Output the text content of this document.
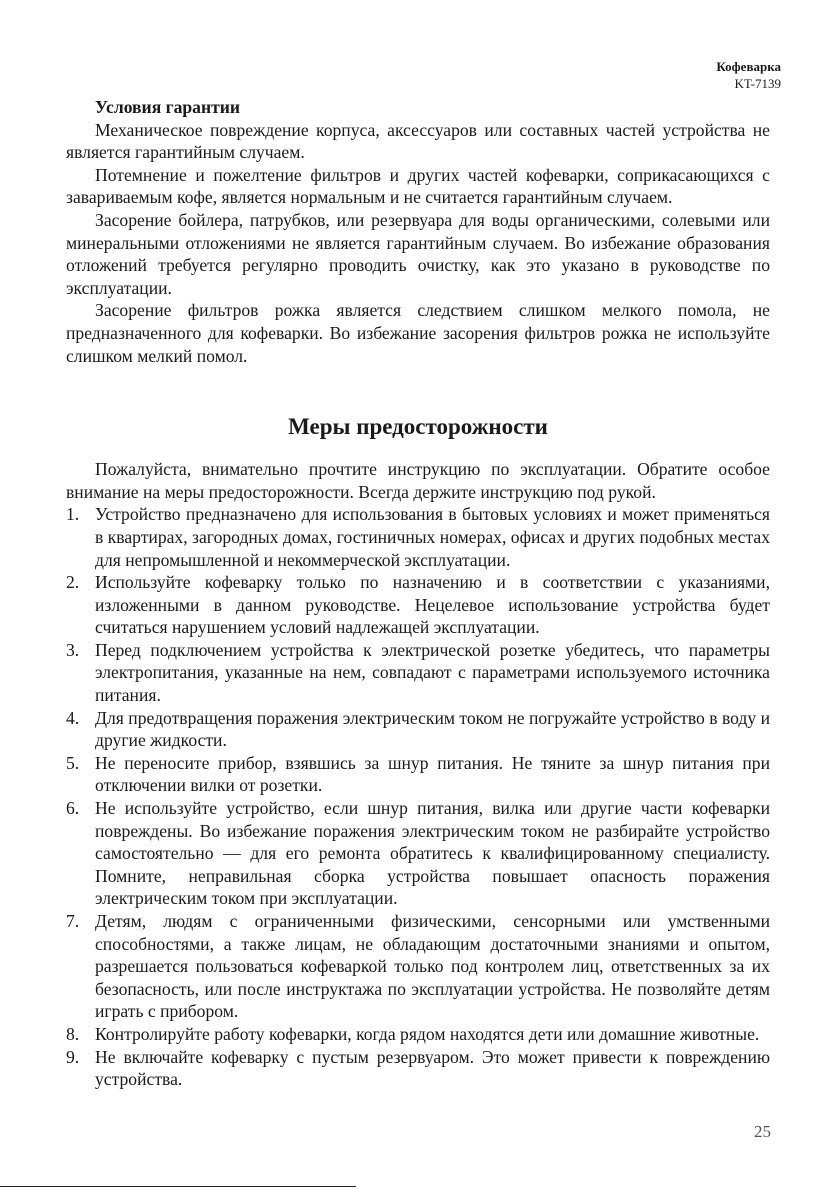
Кофеварка
KT-7139
Условия гарантии

Механическое повреждение корпуса, аксессуаров или составных частей устройства не является гарантийным случаем.

Потемнение и пожелтение фильтров и других частей кофеварки, соприкасающихся с завариваемым кофе, является нормальным и не считается гарантийным случаем.

Засорение бойлера, патрубков, или резервуара для воды органическими, солевыми или минеральными отложениями не является гарантийным случаем. Во избежание образования отложений требуется регулярно проводить очистку, как это указано в руководстве по эксплуатации.

Засорение фильтров рожка является следствием слишком мелкого помола, не предназначенного для кофеварки. Во избежание засорения фильтров рожка не используйте слишком мелкий помол.

Меры предосторожности

Пожалуйста, внимательно прочтите инструкцию по эксплуатации. Обратите особое внимание на меры предосторожности. Всегда держите инструкцию под рукой.

1. Устройство предназначено для использования в бытовых условиях и может применяться в квартирах, загородных домах, гостиничных номерах, офисах и других подобных местах для непромышленной и некоммерческой эксплуатации.
2. Используйте кофеварку только по назначению и в соответствии с указаниями, изложенными в данном руководстве. Нецелевое использование устройства будет считаться нарушением условий надлежащей эксплуатации.
3. Перед подключением устройства к электрической розетке убедитесь, что параметры электропитания, указанные на нем, совпадают с параметрами используемого источника питания.
4. Для предотвращения поражения электрическим током не погружайте устройство в воду и другие жидкости.
5. Не переносите прибор, взявшись за шнур питания. Не тяните за шнур питания при отключении вилки от розетки.
6. Не используйте устройство, если шнур питания, вилка или другие части кофеварки повреждены. Во избежание поражения электрическим током не разбирайте устройство самостоятельно — для его ремонта обратитесь к квалифицированному специалисту. Помните, неправильная сборка устройства повышает опасность поражения электрическим током при эксплуатации.
7. Детям, людям с ограниченными физическими, сенсорными или умственными способностями, а также лицам, не обладающим достаточными знаниями и опытом, разрешается пользоваться кофеваркой только под контролем лиц, ответственных за их безопасность, или после инструктажа по эксплуатации устройства. Не позволяйте детям играть с прибором.
8. Контролируйте работу кофеварки, когда рядом находятся дети или домашние животные.
9. Не включайте кофеварку с пустым резервуаром. Это может привести к повреждению устройства.
25
